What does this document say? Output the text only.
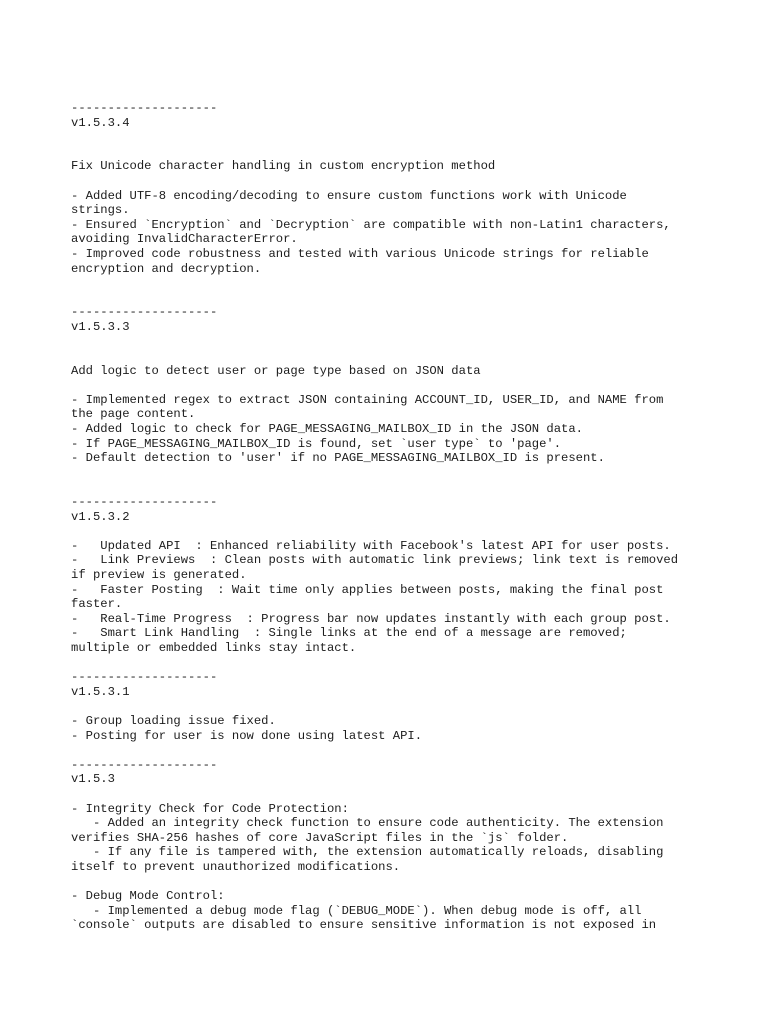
--------------------
v1.5.3.4
Fix Unicode character handling in custom encryption method
- Added UTF-8 encoding/decoding to ensure custom functions work with Unicode
strings.
- Ensured `Encryption` and `Decryption` are compatible with non-Latin1 characters,
avoiding InvalidCharacterError.
- Improved code robustness and tested with various Unicode strings for reliable
encryption and decryption.
--------------------
v1.5.3.3
Add logic to detect user or page type based on JSON data
- Implemented regex to extract JSON containing ACCOUNT_ID, USER_ID, and NAME from
the page content.
- Added logic to check for PAGE_MESSAGING_MAILBOX_ID in the JSON data.
- If PAGE_MESSAGING_MAILBOX_ID is found, set `user type` to 'page'.
- Default detection to 'user' if no PAGE_MESSAGING_MAILBOX_ID is present.
--------------------
v1.5.3.2
-   Updated API  : Enhanced reliability with Facebook's latest API for user posts.
-   Link Previews  : Clean posts with automatic link previews; link text is removed
if preview is generated.
-   Faster Posting  : Wait time only applies between posts, making the final post
faster.
-   Real-Time Progress  : Progress bar now updates instantly with each group post.
-   Smart Link Handling  : Single links at the end of a message are removed;
multiple or embedded links stay intact.
--------------------
v1.5.3.1
- Group loading issue fixed.
- Posting for user is now done using latest API.
--------------------
v1.5.3
- Integrity Check for Code Protection:
- Added an integrity check function to ensure code authenticity. The extension
verifies SHA-256 hashes of core JavaScript files in the `js` folder.
- If any file is tampered with, the extension automatically reloads, disabling
itself to prevent unauthorized modifications.
- Debug Mode Control:
- Implemented a debug mode flag (`DEBUG_MODE`). When debug mode is off, all
`console` outputs are disabled to ensure sensitive information is not exposed in
